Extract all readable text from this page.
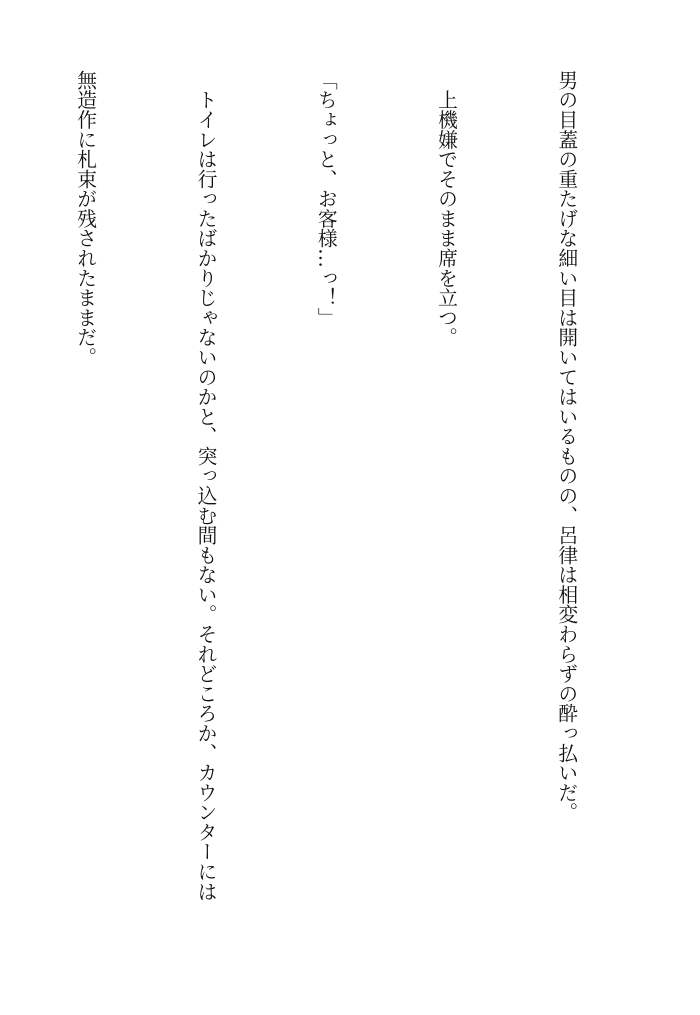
男の目蓋の重たげな細い目は開いてはいるものの、呂律は相変わらずの酔っ払いだ。

　上機嫌でそのまま席を立つ。

「ちょっと、お客様…っ！」

　トイレは行ったばかりじゃないのかと、突っ込む間もない。それどころか、カウンターには

無造作に札束が残されたままだ。
